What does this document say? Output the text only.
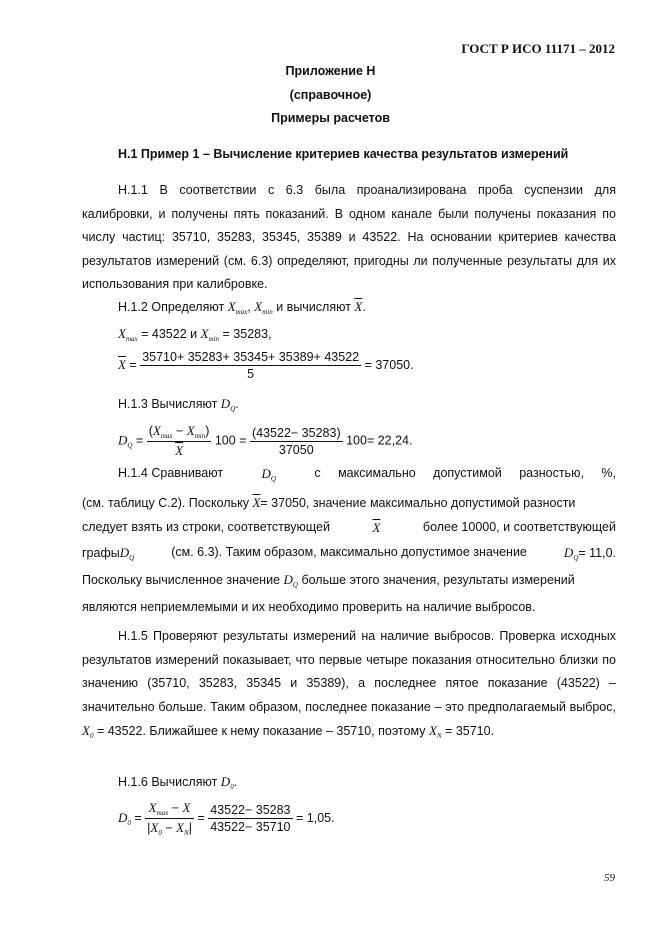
ГОСТ Р ИСО 11171 – 2012
Приложение Н
(справочное)
Примеры расчетов
Н.1 Пример 1 – Вычисление критериев качества результатов измерений

Н.1.1 В соответствии с 6.3 была проанализирована проба суспензии для калибровки, и получены пять показаний. В одном канале были получены показания по числу частиц: 35710, 35283, 35345, 35389 и 43522. На основании критериев качества результатов измерений (см. 6.3) определяют, пригодны ли полученные результаты для их использования при калибровке.

Н.1.2 Определяют $X_{max}$, $X_{min}$ и вычисляют $\overline{X}$.
$X_{max} = 43522$ и $X_{min} = 35283$,
$\overline{X} = \frac{35710+ 35283+ 35345+ 35389+ 43522}{5} = 37050$.
Н.1.3 Вычисляют $D_Q$.
$D_Q = \frac{(X_{max} - X_{min})}{X} 100 = \frac{(43522- 35283)}{37050} 100= 22,24$.
Н.1.4 Сравнивают	$D_Q$	с максимально допустимой разностью, %,
(см. таблицу С.2). Поскольку $\overline{X}= 37050$, значение максимально допустимой разности
следует взять из строки, соответствующей	$\overline{X}$	более 10000, и соответствующей
графыD$_Q$	(см. 6.3). Таким образом, максимально допустимое значение	$D_Q= 11,0$.
Поскольку вычисленное значение $D_Q$ больше этого значения, результаты измерений
являются неприемлемыми и их необходимо проверить на наличие выбросов.

Н.1.5 Проверяют результаты измерений на наличие выбросов. Проверка исходных результатов измерений показывает, что первые четыре показания относительно близки по значению (35710, 35283, 35345 и 35389), а последнее пятое показание (43522) – значительно больше. Таким образом, последнее показание – это предполагаемый выброс, $X_0 = 43522$. Ближайшее к нему показание – 35710, поэтому $X_N = 35710$.

Н.1.6 Вычисляют $D_0$.
$D_0 = \frac{X_{max} - X}{|X_0 - X_N|} = \frac{43522- 35283}{43522- 35710} = 1,05$.
59
